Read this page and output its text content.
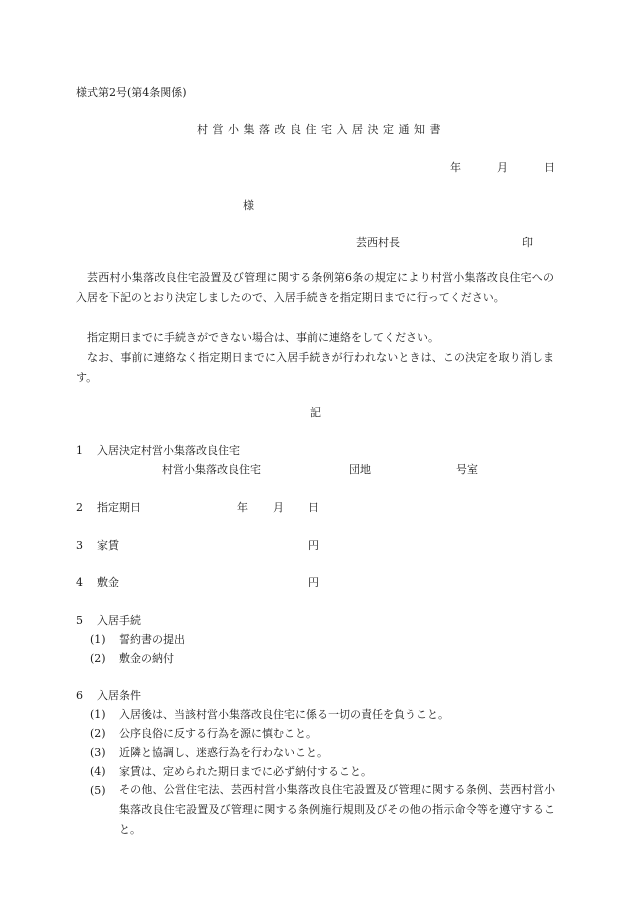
様式第2号(第4条関係)
村営小集落改良住宅入居決定通知書
年	月	日
様
芸西村長	印
芸西村小集落改良住宅設置及び管理に関する条例第6条の規定により村営小集落改良住宅への入居を下記のとおり決定しましたので、入居手続きを指定期日までに行ってください。
指定期日までに手続きができない場合は、事前に連絡をしてください。
なお、事前に連絡なく指定期日までに入居手続きが行われないときは、この決定を取り消します。
記
1 入居決定村営小集落改良住宅
村営小集落改良住宅	団地	号室
2 指定期日	年 月 日
3 家賃	円
4 敷金	円
5 入居手続
(1) 誓約書の提出
(2) 敷金の納付
6 入居条件
(1) 入居後は、当該村営小集落改良住宅に係る一切の責任を負うこと。
(2) 公序良俗に反する行為を源に慎むこと。
(3) 近隣と協調し、迷惑行為を行わないこと。
(4) 家賃は、定められた期日までに必ず納付すること。
(5) その他、公営住宅法、芸西村営小集落改良住宅設置及び管理に関する条例、芸西村営小集落改良住宅設置及び管理に関する条例施行規則及びその他の指示命令等を遵守すること。
